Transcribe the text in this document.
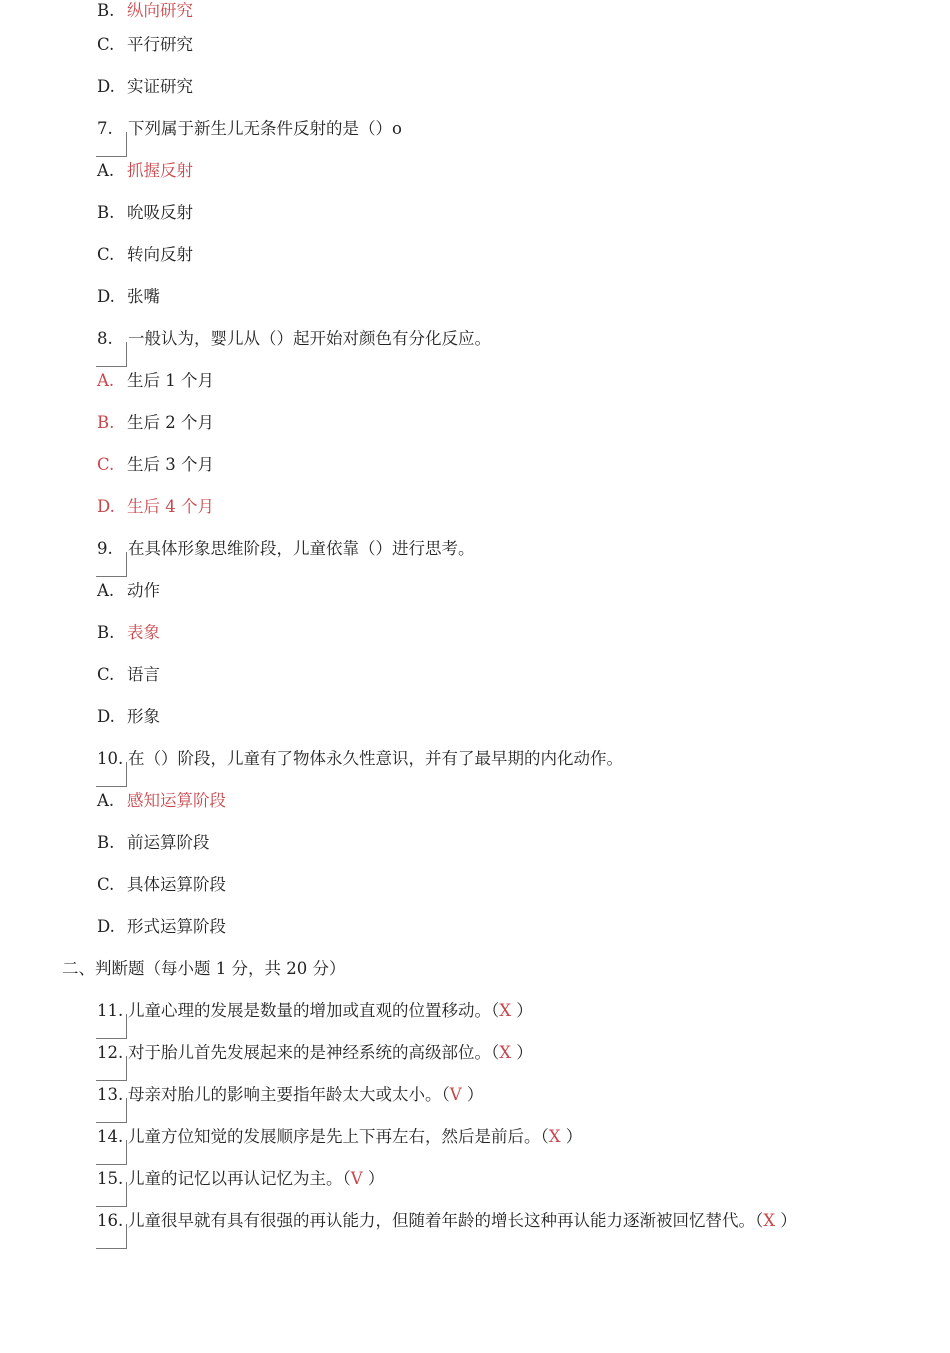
B. 纵向研究
C. 平行研究
D. 实证研究
7. 下列属于新生儿无条件反射的是（）o
A. 抓握反射
B. 吮吸反射
C. 转向反射
D. 张嘴
8. 一般认为，婴儿从（）起开始对颜色有分化反应。
A. 生后 1 个月
B. 生后 2 个月
C. 生后 3 个月
D. 生后 4 个月
9. 在具体形象思维阶段，儿童依靠（）进行思考。
A. 动作
B. 表象
C. 语言
D. 形象
10. 在（）阶段，儿童有了物体永久性意识，并有了最早期的内化动作。
A. 感知运算阶段
B. 前运算阶段
C. 具体运算阶段
D. 形式运算阶段
二、判断题（每小题 1 分，共 20 分）
11. 儿童心理的发展是数量的增加或直观的位置移动。（X ）
12. 对于胎儿首先发展起来的是神经系统的高级部位。（X ）
13. 母亲对胎儿的影响主要指年龄太大或太小。（V ）
14. 儿童方位知觉的发展顺序是先上下再左右，然后是前后。（X ）
15. 儿童的记忆以再认记忆为主。（V ）
16. 儿童很早就有具有很强的再认能力，但随着年龄的增长这种再认能力逐渐被回忆替代。（X ）
